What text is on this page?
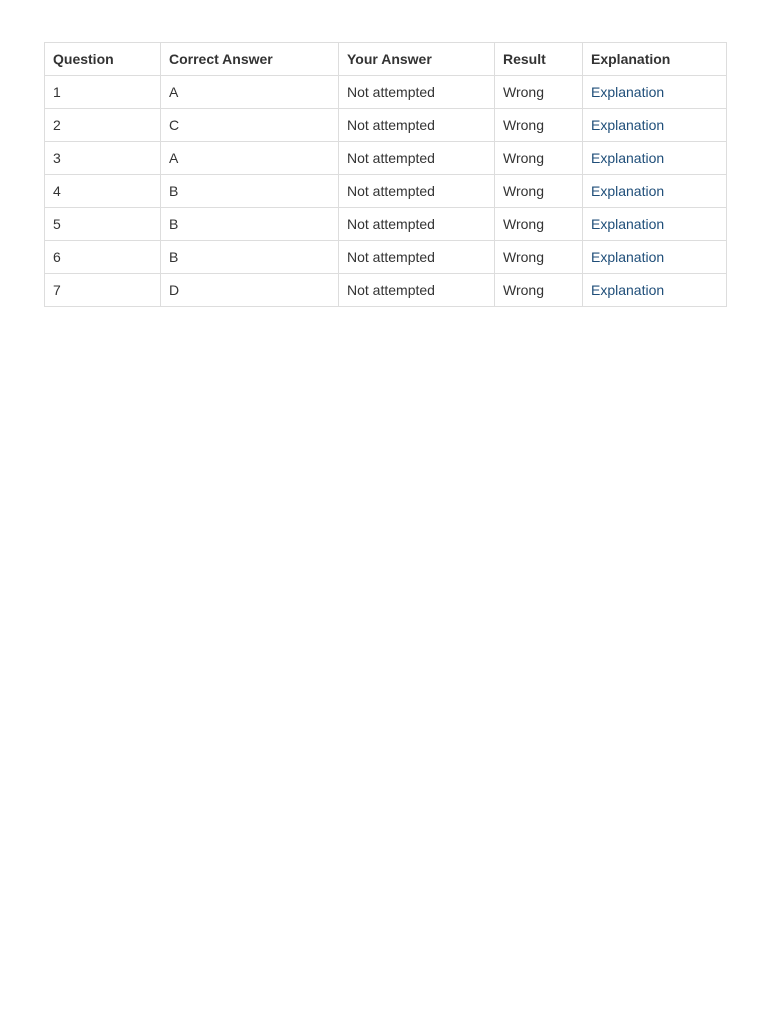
Question	Correct Answer	Your Answer	Result	Explanation
1	A	Not attempted	Wrong	Explanation
2	C	Not attempted	Wrong	Explanation
3	A	Not attempted	Wrong	Explanation
4	B	Not attempted	Wrong	Explanation
5	B	Not attempted	Wrong	Explanation
6	B	Not attempted	Wrong	Explanation
7	D	Not attempted	Wrong	Explanation
